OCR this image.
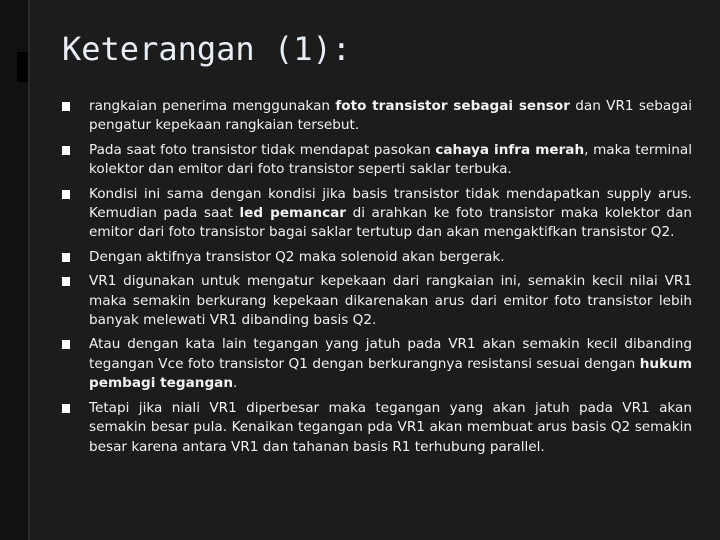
Keterangan (1):
rangkaian penerima menggunakan foto transistor sebagai sensor dan VR1 sebagai pengatur kepekaan rangkaian tersebut.
Pada saat foto transistor tidak mendapat pasokan cahaya infra merah, maka terminal kolektor dan emitor dari foto transistor seperti saklar terbuka.
Kondisi ini sama dengan kondisi jika basis transistor tidak mendapatkan supply arus. Kemudian pada saat led pemancar di arahkan ke foto transistor maka kolektor dan emitor dari foto transistor bagai saklar tertutup dan akan mengaktifkan transistor Q2.
Dengan aktifnya transistor Q2 maka solenoid akan bergerak.
VR1 digunakan untuk mengatur kepekaan dari rangkaian ini, semakin kecil nilai VR1 maka semakin berkurang kepekaan dikarenakan arus dari emitor foto transistor lebih banyak melewati VR1 dibanding basis Q2.
Atau dengan kata lain tegangan yang jatuh pada VR1 akan semakin kecil dibanding tegangan Vce foto transistor Q1 dengan berkurangnya resistansi sesuai dengan hukum pembagi tegangan.
Tetapi jika niali VR1 diperbesar maka tegangan yang akan jatuh pada VR1 akan semakin besar pula. Kenaikan tegangan pda VR1 akan membuat arus basis Q2 semakin besar karena antara VR1 dan tahanan basis R1 terhubung parallel.
